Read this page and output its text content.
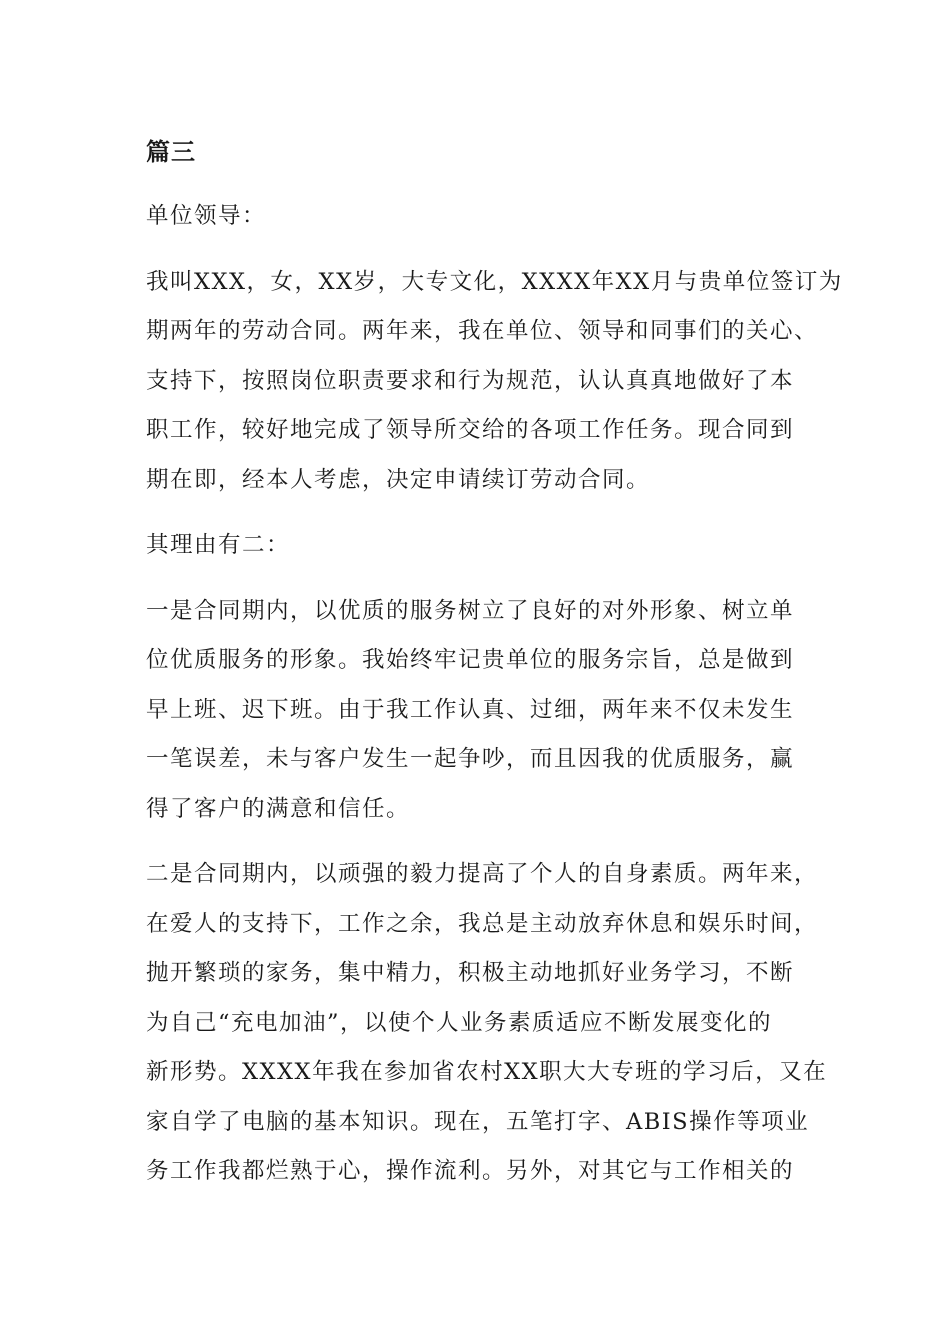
篇三
单位领导：
我叫XXX，女，XX岁，大专文化，XXXX年XX月与贵单位签订为
期两年的劳动合同。两年来，我在单位、领导和同事们的关心、
支持下，按照岗位职责要求和行为规范，认认真真地做好了本
职工作，较好地完成了领导所交给的各项工作任务。现合同到
期在即，经本人考虑，决定申请续订劳动合同。
其理由有二：
一是合同期内，以优质的服务树立了良好的对外形象、树立单
位优质服务的形象。我始终牢记贵单位的服务宗旨，总是做到
早上班、迟下班。由于我工作认真、过细，两年来不仅未发生
一笔误差，未与客户发生一起争吵，而且因我的优质服务，赢
得了客户的满意和信任。
二是合同期内，以顽强的毅力提高了个人的自身素质。两年来，
在爱人的支持下，工作之余，我总是主动放弃休息和娱乐时间，
抛开繁琐的家务，集中精力，积极主动地抓好业务学习，不断
为自己“充电加油”，以使个人业务素质适应不断发展变化的
新形势。XXXX年我在参加省农村XX职大大专班的学习后，又在
家自学了电脑的基本知识。现在，五笔打字、ABIS操作等项业
务工作我都烂熟于心，操作流利。另外，对其它与工作相关的
